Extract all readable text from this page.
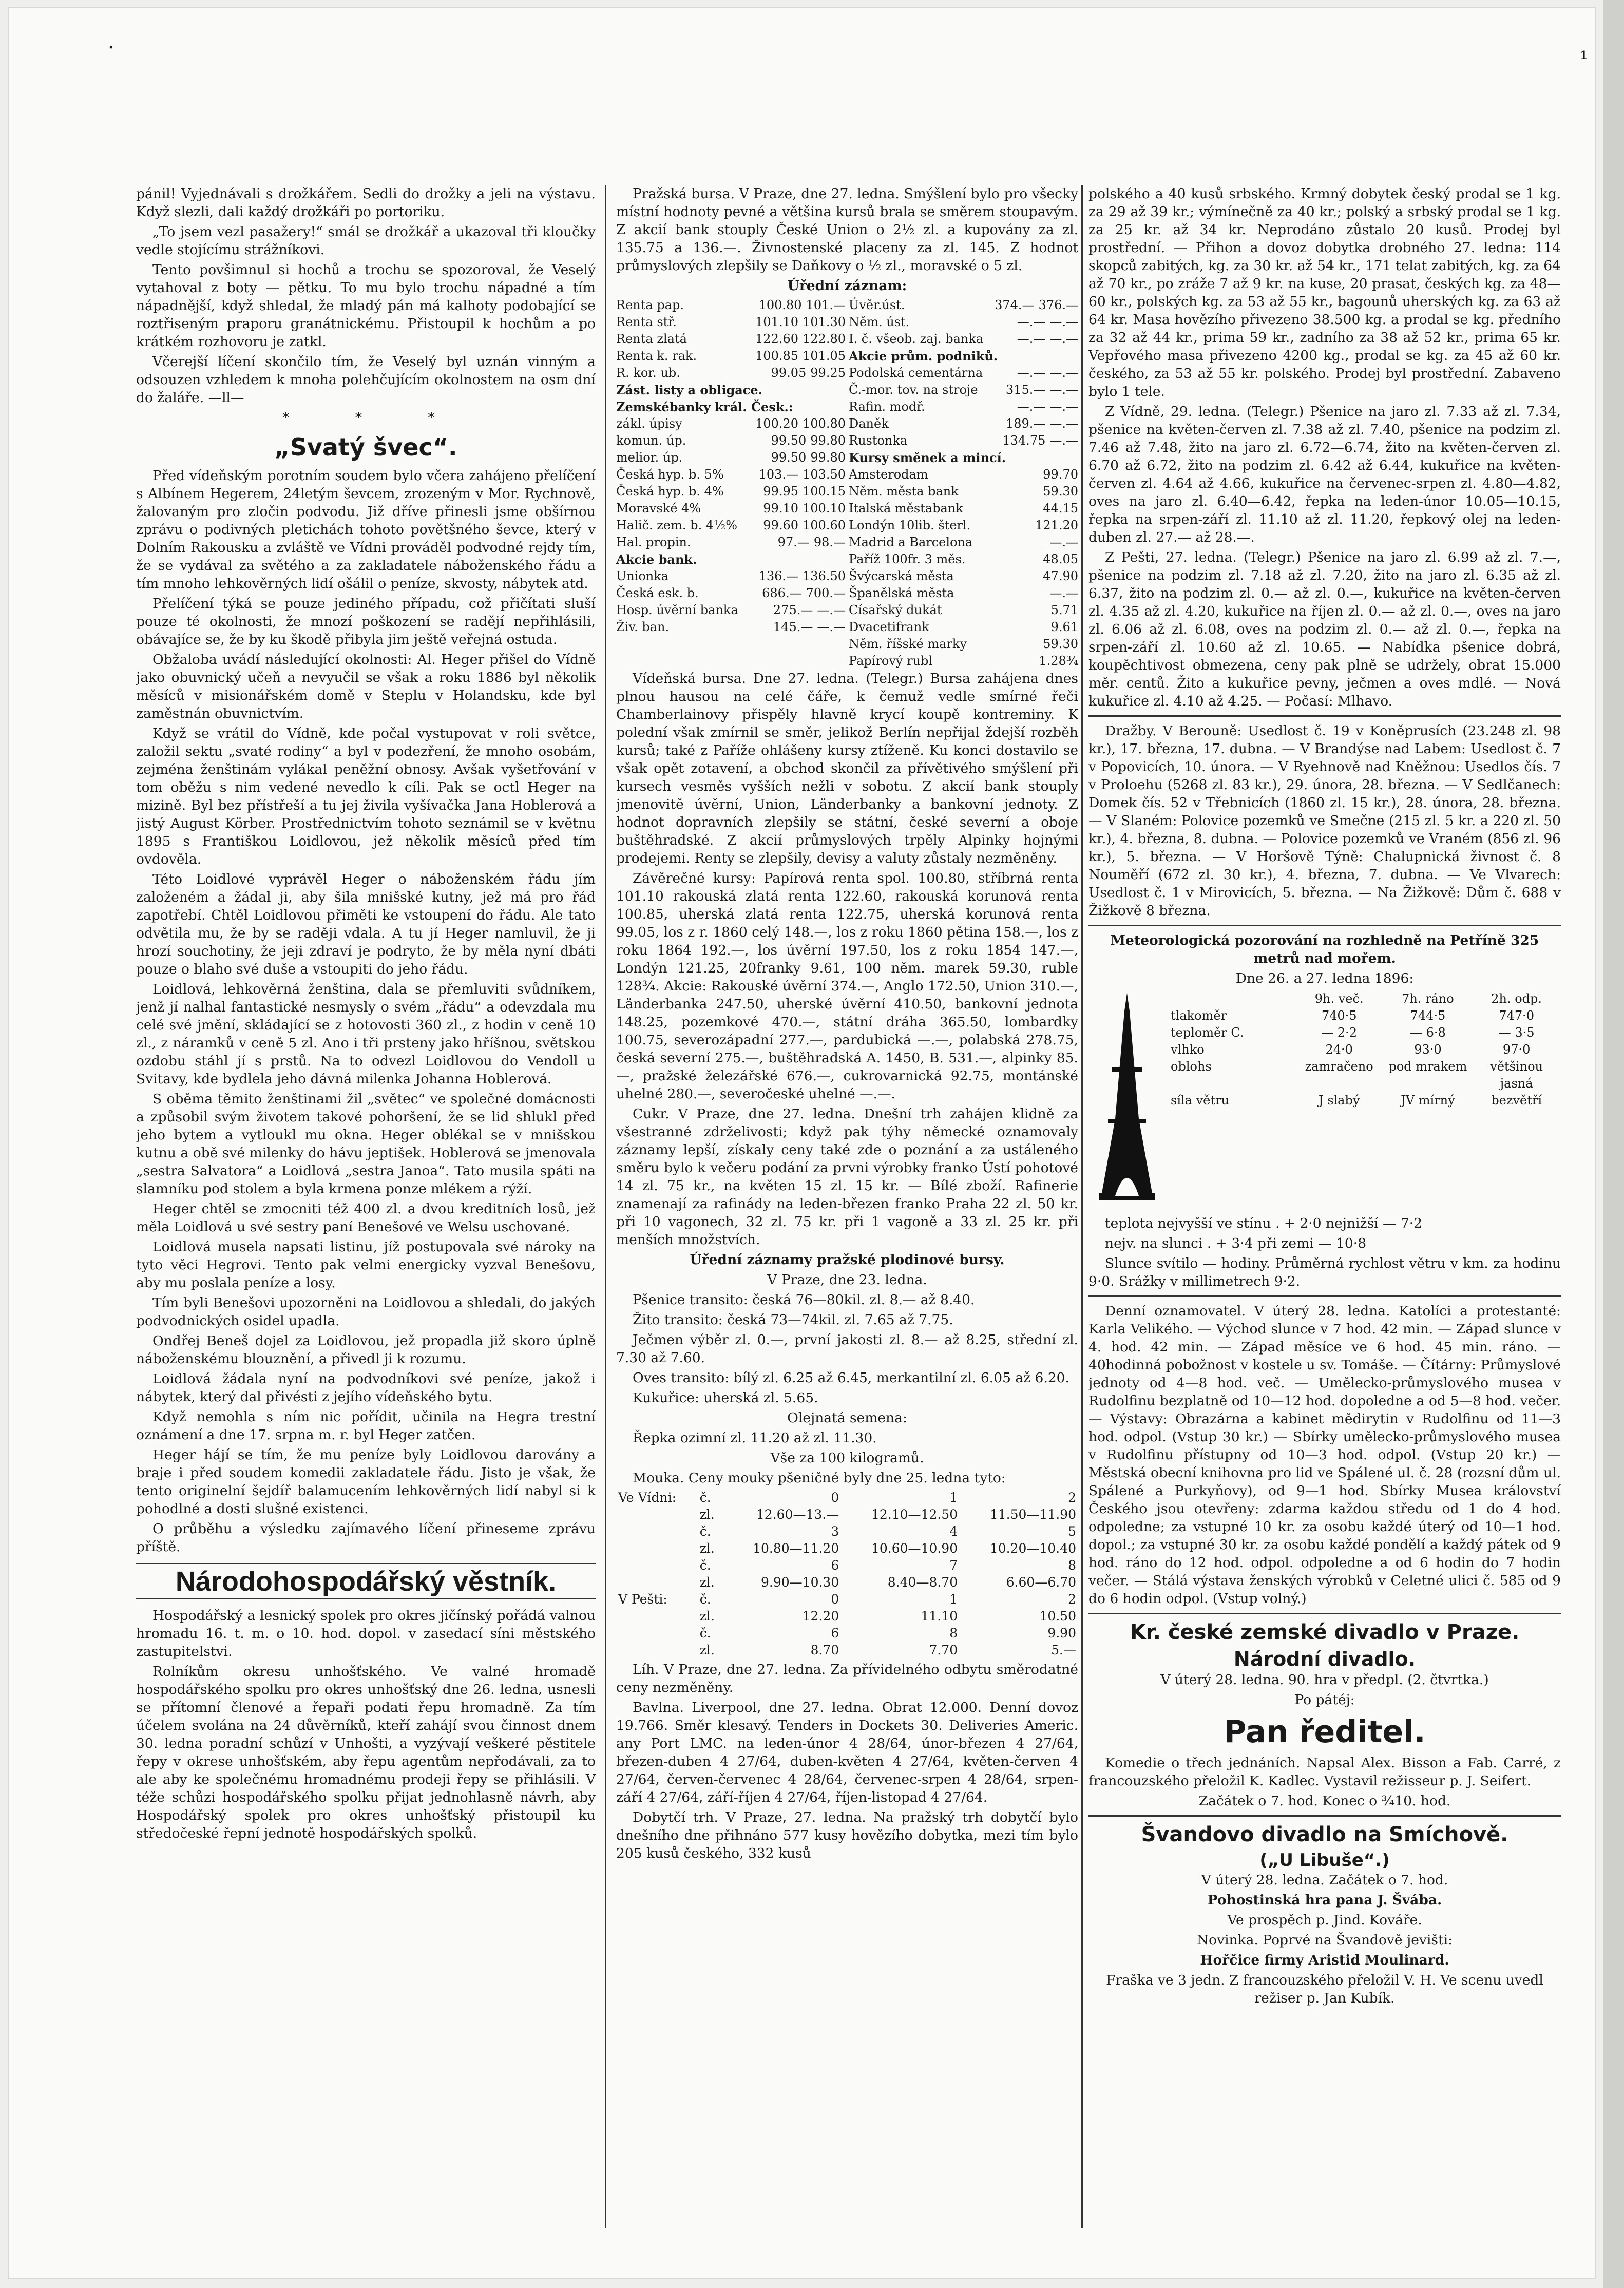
·	¹

pánil! Vyjednávali s drožkářem. Sedli do drožky a jeli na výstavu. Když slezli, dali každý drožkáři po portoriku.

„To jsem vezl pasažery!“ smál se drožkář a ukazoval tři kloučky vedle stojícímu strážníkovi.

Tento povšimnul si hochů a trochu se spozoroval, že Veselý vytahoval z boty — pětku. To mu bylo trochu nápadné a tím nápadnější, když shledal, že mladý pán má kalhoty podobající se roztřiseným praporu granátnickému. Přistoupil k hochům a po krátkém rozhovoru je zatkl.

Včerejší líčení skončilo tím, že Veselý byl uznán vinným a odsouzen vzhledem k mnoha polehčujícím okolnostem na osm dní do žaláře. —ll—

* * *

„Svatý švec“.

Před vídeňským porotním soudem bylo včera zahájeno přelíčení s Albínem Hegerem, 24letým ševcem, zrozeným v Mor. Rychnově, žalovaným pro zločin podvodu. Již dříve přinesli jsme obšírnou zprávu o podivných pletichách tohoto povětšného ševce, který v Dolním Rakousku a zvláště ve Vídni prováděl podvodné rejdy tím, že se vydával za světého a za zakladatele náboženského řádu a tím mnoho lehkověrných lidí ošálil o peníze, skvosty, nábytek atd.

Přelíčení týká se pouze jediného případu, což přičítati sluší pouze té okolnosti, že mnozí poškození se radějí nepřihlásili, obávajíce se, že by ku škodě přibyla jim ještě veřejná ostuda.

Obžaloba uvádí následující okolnosti: Al. Heger přišel do Vídně jako obuvnický učeň a nevyučil se však a roku 1886 byl několik měsíců v misionářském domě v Steplu v Holandsku, kde byl zaměstnán obuvnictvím.

Když se vrátil do Vídně, kde počal vystupovat v roli světce, založil sektu „svaté rodiny“ a byl v podezření, že mnoho osobám, zejména ženštinám vylákal peněžní obnosy. Avšak vyšetřování v tom oběžu s nim vedené nevedlo k cíli. Pak se octl Heger na mizině. Byl bez přístřeší a tu jej živila vyšívačka Jana Hoblerová a jistý August Körber. Prostřednictvím tohoto seznámil se v květnu 1895 s Františkou Loidlovou, jež několik měsíců před tím ovdověla.

Této Loidlové vyprávěl Heger o náboženském řádu jím založeném a žádal ji, aby šila mnišské kutny, jež má pro řád zapotřebí. Chtěl Loidlovou přiměti ke vstoupení do řádu. Ale tato odvětila mu, že by se raději vdala. A tu jí Heger namluvil, že ji hrozí souchotiny, že jeji zdraví je podryto, že by měla nyní dbáti pouze o blaho své duše a vstoupiti do jeho řádu.

Loidlová, lehkověrná ženština, dala se přemluviti svůdníkem, jenž jí nalhal fantastické nesmysly o svém „řádu“ a odevzdala mu celé své jmění, skládající se z hotovosti 360 zl., z hodin v ceně 10 zl., z náramků v ceně 5 zl. Ano i tři prsteny jako hříšnou, světskou ozdobu stáhl jí s prstů. Na to odvezl Loidlovou do Vendoll u Svitavy, kde bydlela jeho dávná milenka Johanna Hoblerová.

S oběma těmito ženštinami žil „světec“ ve společné domácnosti a způsobil svým životem takové pohoršení, že se lid shlukl před jeho bytem a vytloukl mu okna. Heger oblékal se v mnišskou kutnu a obě své milenky do hávu jeptišek. Hoblerová se jmenovala „sestra Salvatora“ a Loidlová „sestra Janoa“. Tato musila spáti na slamníku pod stolem a byla krmena ponze mlékem a rýží.

Heger chtěl se zmocniti též 400 zl. a dvou kreditních losů, jež měla Loidlová u své sestry paní Benešové ve Welsu uschované.

Loidlová musela napsati listinu, jíž postupovala své nároky na tyto věci Hegrovi. Tento pak velmi energicky vyzval Benešovu, aby mu poslala peníze a losy.

Tím byli Benešovi upozorněni na Loidlovou a shledali, do jakých podvodnických osidel upadla.

Ondřej Beneš dojel za Loidlovou, jež propadla již skoro úplně náboženskému blouznění, a přivedl ji k rozumu.

Loidlová žádala nyní na podvodníkovi své peníze, jakož i nábytek, který dal přivésti z jejího vídeňského bytu.

Když nemohla s ním nic pořídit, učinila na Hegra trestní oznámení a dne 17. srpna m. r. byl Heger zatčen.

Heger hájí se tím, že mu peníze byly Loidlovou darovány a braje i před soudem komedii zakladatele řádu. Jisto je však, že tento originelní šejdíř balamucením lehkověrných lidí nabyl si k pohodlné a dosti slušné existenci.

O průběhu a výsledku zajímavého líčení přineseme zprávu příště.

Národohospodářský věstník.

Hospodářský a lesnický spolek pro okres jičínský pořádá valnou hromadu 16. t. m. o 10. hod. dopol. v zasedací síni městského zastupitelstvi.

Rolníkům okresu unhošťského. Ve valné hromadě hospodářského spolku pro okres unhošťský dne 26. ledna, usnesli se přítomní členové a řepaři podati řepu hromadně. Za tím účelem svolána na 24 důvěrníků, kteří zahájí svou činnost dnem 30. ledna poradní schůzí v Unhošti, a vyzývají veškeré pěstitele řepy v okrese unhošťském, aby řepu agentům nepřodávali, za to ale aby ke společnému hromadnému prodeji řepy se přihlásili. V téže schůzi hospodářského spolku přijat jednohlasně návrh, aby Hospodářský spolek pro okres unhošťský přistoupil ku středočeské řepní jednotě hospodářských spolků.

Pražská bursa. V Praze, dne 27. ledna. Smýšlení bylo pro všecky místní hodnoty pevné a většina kursů brala se směrem stoupavým. Z akcií bank stouply České Union o 2½ zl. a kupovány za zl. 135.75 a 136.—. Živnostenské placeny za zl. 145. Z hodnot průmyslových zlepšily se Daňkovy o ½ zl., moravské o 5 zl.

Úřední záznam:

Renta pap.	100.80 101.—
Renta stř.	101.10 101.30
Renta zlatá	122.60 122.80
Renta k. rak.	100.85 101.05
R. kor. ub.	99.05 99.25
Zást. listy a obligace.
Zemskébanky král. Česk.:
zákl. úpisy	100.20 100.80
komun. úp.	99.50 99.80
melior. úp.	99.50 99.80
Česká hyp. b. 5%	103.— 103.50
Česká hyp. b. 4%	99.95 100.15
Moravské 4%	99.10 100.10
Halič. zem. b. 4½%	99.60 100.60
Hal. propin.	97.— 98.—
Akcie bank.
Unionka	136.— 136.50
Česká esk. b.	686.— 700.—
Hosp. úvěrní banka	275.— —.—
Živ. ban.	145.— —.—
Úvěr.úst.	374.— 376.—
Něm. úst.	—.— —.—
I. č. všeob. zaj. banka	—.— —.—
Akcie prům. podniků.
Podolská cementárna	—.— —.—
Č.-mor. tov. na stroje	315.— —.—
Rafin. modř.	—.— —.—
Daněk	189.— —.—
Rustonka	134.75 —.—
Kursy směnek a mincí.
Amsterodam	99.70
Něm. města bank	59.30
Italská městabank	44.15
Londýn 10lib. šterl.	121.20
Madrid a Barcelona	—.—
Paříž 100fr. 3 měs.	48.05
Švýcarská města	47.90
Španělská města	—.—
Císařský dukát	5.71
Dvacetifrank	9.61
Něm. říšské marky	59.30
Papírový rubl	1.28¾

Vídeňská bursa. Dne 27. ledna. (Telegr.) Bursa zahájena dnes plnou hausou na celé čáře, k čemuž vedle smírné řeči Chamberlainovy přispěly hlavně krycí koupě kontreminy. K polední však zmírnil se směr, jelikož Berlín nepřijal ždejší rozběh kursů; také z Paříže ohlášeny kursy ztíženě. Ku konci dostavilo se však opět zotavení, a obchod skončil za přívětivého smýšlení při kursech vesměs vyšších nežli v sobotu. Z akcií bank stouply jmenovitě úvěrní, Union, Länderbanky a bankovní jednoty. Z hodnot dopravních zlepšily se státní, české severní a oboje buštěhradské. Z akcií průmyslových trpěly Alpinky hojnými prodejemi. Renty se zlepšily, devisy a valuty zůstaly nezměněny.

Závěrečné kursy: Papírová renta spol. 100.80, stříbrná renta 101.10 rakouská zlatá renta 122.60, rakouská korunová renta 100.85, uherská zlatá renta 122.75, uherská korunová renta 99.05, los z r. 1860 celý 148.—, los z roku 1860 pětina 158.—, los z roku 1864 192.—, los úvěrní 197.50, los z roku 1854 147.—, Londýn 121.25, 20franky 9.61, 100 něm. marek 59.30, ruble 128¾. Akcie: Rakouské úvěrní 374.—, Anglo 172.50, Union 310.—, Länderbanka 247.50, uherské úvěrní 410.50, bankovní jednota 148.25, pozemkové 470.—, státní dráha 365.50, lombardky 100.75, severozápadní 277.—, pardubická —.—, polabská 278.75, česká severní 275.—, buštěhradská A. 1450, B. 531.—, alpinky 85.—, pražské železářské 676.—, cukrovarnická 92.75, montánské uhelné 280.—, severočeské uhelné —.—.

Cukr. V Praze, dne 27. ledna. Dnešní trh zahájen klidně za všestranné zdrželivosti; když pak týhy německé oznamovaly záznamy lepší, získaly ceny také zde o poznání a za ustáleného směru bylo k večeru podání za prvni výrobky franko Ústí pohotové 14 zl. 75 kr., na květen 15 zl. 15 kr. — Bílé zboží. Rafinerie znamenají za rafinády na leden-březen franko Praha 22 zl. 50 kr. při 10 vagonech, 32 zl. 75 kr. při 1 vagoně a 33 zl. 25 kr. při menších množstvích.

Úřední záznamy pražské plodinové bursy.

V Praze, dne 23. ledna.

Pšenice transito: česká 76—80kil. zl. 8.— až 8.40.

Žito transito: česká 73—74kil. zl. 7.65 až 7.75.

Ječmen výběr zl. 0.—, první jakosti zl. 8.— až 8.25, střední zl. 7.30 až 7.60.

Oves transito: bílý zl. 6.25 až 6.45, merkantilní zl. 6.05 až 6.20.

Kukuřice: uherská zl. 5.65.

Olejnatá semena:

Řepka ozimní zl. 11.20 až zl. 11.30.

Vše za 100 kilogramů.

Mouka. Ceny mouky pšeničné byly dne 25. ledna tyto:

Ve Vídni:	č.	0	1	2
	zl.	12.60—13.—	12.10—12.50	11.50—11.90
	č.	3	4	5
	zl.	10.80—11.20	10.60—10.90	10.20—10.40
	č.	6	7	8
	zl.	9.90—10.30	8.40—8.70	6.60—6.70
V Pešti:	č.	0	1	2
	zl.	12.20	11.10	10.50
	č.	6	8	9.90
	zl.	8.70	7.70	5.—

Líh. V Praze, dne 27. ledna. Za přívidelného odbytu směrodatné ceny nezměněny.

Bavlna. Liverpool, dne 27. ledna. Obrat 12.000. Denní dovoz 19.766. Směr klesavý. Tenders in Dockets 30. Deliveries Americ. any Port LMC. na leden-únor 4 28/64, únor-březen 4 27/64, březen-duben 4 27/64, duben-květen 4 27/64, květen-červen 4 27/64, červen-červenec 4 28/64, červenec-srpen 4 28/64, srpen-září 4 27/64, září-říjen 4 27/64, říjen-listopad 4 27/64.

Dobytčí trh. V Praze, 27. ledna. Na pražský trh dobytčí bylo dnešního dne přihnáno 577 kusy hovězího dobytka, mezi tím bylo 205 kusů českého, 332 kusů

polského a 40 kusů srbského. Krmný dobytek český prodal se 1 kg. za 29 až 39 kr.; výmínečně za 40 kr.; polský a srbský prodal se 1 kg. za 25 kr. až 34 kr. Neprodáno zůstalo 20 kusů. Prodej byl prostřední. — Přihon a dovoz dobytka drobného 27. ledna: 114 skopců zabitých, kg. za 30 kr. až 54 kr., 171 telat zabitých, kg. za 64 až 70 kr., po zráže 7 až 9 kr. na kuse, 20 prasat, českých kg. za 48—60 kr., polských kg. za 53 až 55 kr., bagounů uherských kg. za 63 až 64 kr. Masa hovězího přivezeno 38.500 kg. a prodal se kg. předního za 32 až 44 kr., prima 59 kr., zadního za 38 až 52 kr., prima 65 kr. Vepřového masa přivezeno 4200 kg., prodal se kg. za 45 až 60 kr. českého, za 53 až 55 kr. polského. Prodej byl prostřední. Zabaveno bylo 1 tele.

Z Vídně, 29. ledna. (Telegr.) Pšenice na jaro zl. 7.33 až zl. 7.34, pšenice na květen-červen zl. 7.38 až zl. 7.40, pšenice na podzim zl. 7.46 až 7.48, žito na jaro zl. 6.72—6.74, žito na květen-červen zl. 6.70 až 6.72, žito na podzim zl. 6.42 až 6.44, kukuřice na květen-červen zl. 4.64 až 4.66, kukuřice na červenec-srpen zl. 4.80—4.82, oves na jaro zl. 6.40—6.42, řepka na leden-únor 10.05—10.15, řepka na srpen-září zl. 11.10 až zl. 11.20, řepkový olej na leden-duben zl. 27.— až 28.—.

Z Pešti, 27. ledna. (Telegr.) Pšenice na jaro zl. 6.99 až zl. 7.—, pšenice na podzim zl. 7.18 až zl. 7.20, žito na jaro zl. 6.35 až zl. 6.37, žito na podzim zl. 0.— až zl. 0.—, kukuřice na květen-červen zl. 4.35 až zl. 4.20, kukuřice na říjen zl. 0.— až zl. 0.—, oves na jaro zl. 6.06 až zl. 6.08, oves na podzim zl. 0.— až zl. 0.—, řepka na srpen-září zl. 10.60 až zl. 10.65. — Nabídka pšenice dobrá, koupěchtivost obmezena, ceny pak plně se udržely, obrat 15.000 měr. centů. Žito a kukuřice pevny, ječmen a oves mdlé. — Nová kukuřice zl. 4.10 až 4.25. — Počasí: Mlhavo.

Dražby. V Berouně: Usedlost č. 19 v Koněprusích (23.248 zl. 98 kr.), 17. března, 17. dubna. — V Brandýse nad Labem: Usedlost č. 7 v Popovicích, 10. února. — V Ryehnově nad Kněžnou: Usedlos čís. 7 v Proloehu (5268 zl. 83 kr.), 29. února, 28. března. — V Sedlčanech: Domek čís. 52 v Třebnicích (1860 zl. 15 kr.), 28. února, 28. března. — V Slaném: Polovice pozemků ve Smečne (215 zl. 5 kr. a 220 zl. 50 kr.), 4. března, 8. dubna. — Polovice pozemků ve Vraném (856 zl. 96 kr.), 5. března. — V Horšově Týně: Chalupnická živnost č. 8 Nouměří (672 zl. 30 kr.), 4. března, 7. dubna. — Ve Vlvarech: Usedlost č. 1 v Mirovicích, 5. března. — Na Žižkově: Dům č. 688 v Žižkově 8 března.

Meteorologická pozorování na rozhledně na Petříně 325 metrů nad mořem.

Dne 26. a 27. ledna 1896:

9h. več.	7h. ráno	2h. odp.
tlakoměr	740·5	744·5	747·0
teploměr C.	— 2·2	— 6·8	— 3·5
vlhko	24·0	93·0	97·0
oblohs	zamračeno	pod mrakem	většinou jasná
síla větru	J slabý	JV mírný	bezvětří

teplota nejvyšší ve stínu . + 2·0 nejnižší — 7·2

nejv. na slunci . + 3·4 při zemi — 10·8

Slunce svítilo — hodiny. Průměrná rychlost větru v km. za hodinu 9·0. Srážky v millimetrech 9·2.

Denní oznamovatel. V úterý 28. ledna. Katolíci a protestanté: Karla Velikého. — Východ slunce v 7 hod. 42 min. — Západ slunce v 4. hod. 42 min. — Západ měsíce ve 6 hod. 45 min. ráno. — 40hodinná pobožnost v kostele u sv. Tomáše. — Čítárny: Průmyslové jednoty od 4—8 hod. več. — Umělecko-průmyslového musea v Rudolfinu bezplatně od 10—12 hod. dopoledne a od 5—8 hod. večer. — Výstavy: Obrazárna a kabinet mědirytin v Rudolfinu od 11—3 hod. odpol. (Vstup 30 kr.) — Sbírky umělecko-průmyslového musea v Rudolfinu přístupny od 10—3 hod. odpol. (Vstup 20 kr.) — Městská obecní knihovna pro lid ve Spálené ul. č. 28 (rozsní dům ul. Spálené a Purkyňovy), od 9—1 hod. Sbírky Musea království Českého jsou otevřeny: zdarma každou středu od 1 do 4 hod. odpoledne; za vstupné 10 kr. za osobu každé úterý od 10—1 hod. dopol.; za vstupné 30 kr. za osobu každé pondělí a každý pátek od 9 hod. ráno do 12 hod. odpol. odpoledne a od 6 hodin do 7 hodin večer. — Stálá výstava ženských výrobků v Celetné ulici č. 585 od 9 do 6 hodin odpol. (Vstup volný.)

Kr. české zemské divadlo v Praze.

Národní divadlo.

V úterý 28. ledna. 90. hra v předpl. (2. čtvrtka.)

Po pátéj:

Pan ředitel.

Komedie o třech jednáních. Napsal Alex. Bisson a Fab. Carré, z francouzského přeložil K. Kadlec. Vystavil režisseur p. J. Seifert.

Začátek o 7. hod. Konec o ¾10. hod.

Švandovo divadlo na Smíchově.

(„U Libuše“.)

V úterý 28. ledna. Začátek o 7. hod.

Pohostinská hra pana J. Švába.

Ve prospěch p. Jind. Kováře.

Novinka. Poprvé na Švandově jevišti:

Hořčice firmy Aristid Moulinard.

Fraška ve 3 jedn. Z francouzského přeložil V. H. Ve scenu uvedl režiser p. Jan Kubík.
